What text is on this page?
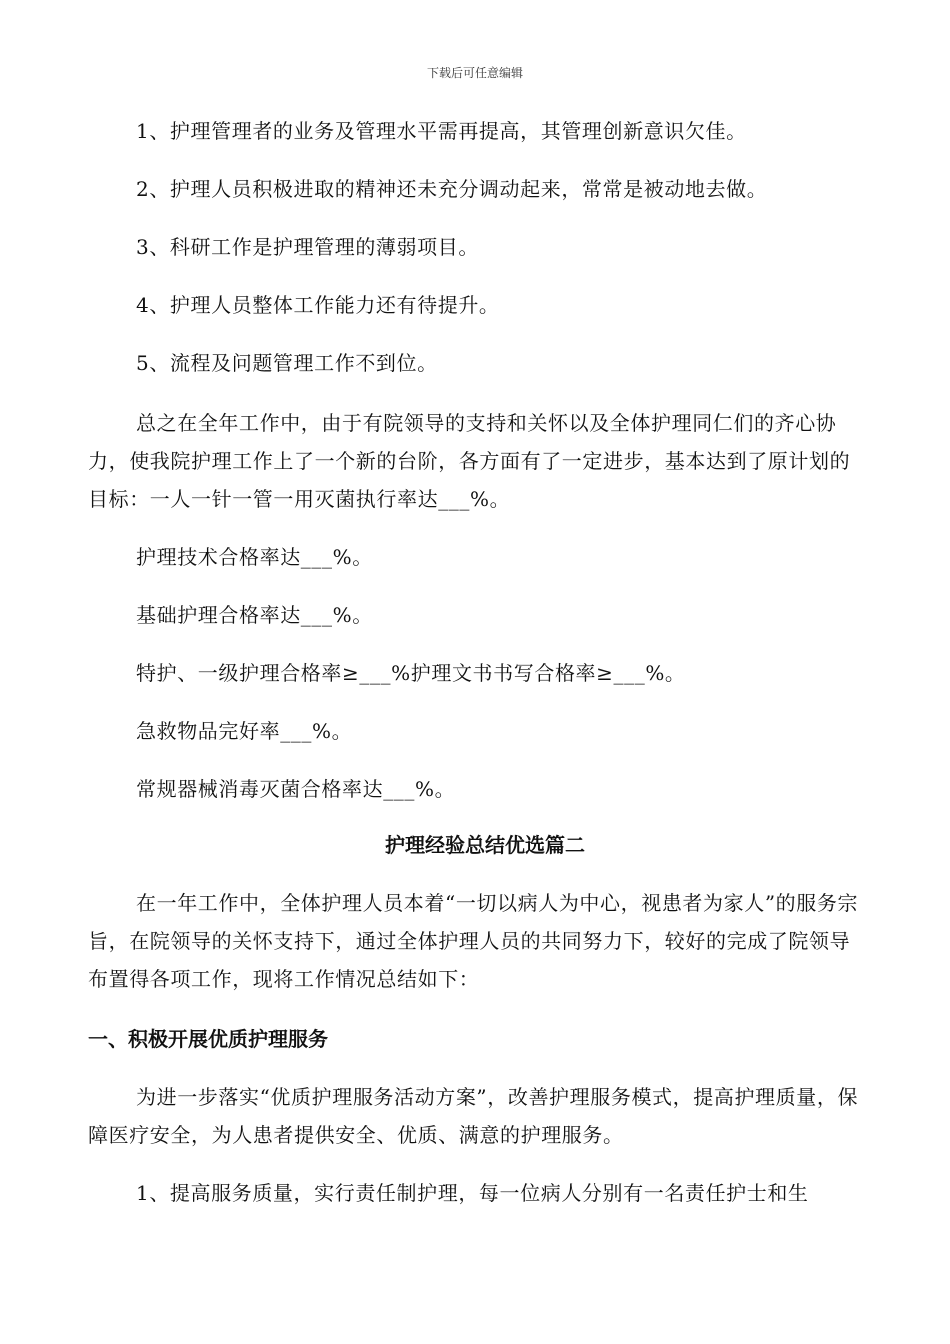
下载后可任意编辑

1、护理管理者的业务及管理水平需再提高，其管理创新意识欠佳。

2、护理人员积极进取的精神还未充分调动起来，常常是被动地去做。

3、科研工作是护理管理的薄弱项目。

4、护理人员整体工作能力还有待提升。

5、流程及问题管理工作不到位。

总之在全年工作中，由于有院领导的支持和关怀以及全体护理同仁们的齐心协力，使我院护理工作上了一个新的台阶，各方面有了一定进步，基本达到了原计划的目标：一人一针一管一用灭菌执行率达___%。

护理技术合格率达___%。

基础护理合格率达___%。

特护、一级护理合格率≥___%护理文书书写合格率≥___%。

急救物品完好率___%。

常规器械消毒灭菌合格率达___%。

护理经验总结优选篇二

在一年工作中，全体护理人员本着“一切以病人为中心，视患者为家人”的服务宗旨，在院领导的关怀支持下，通过全体护理人员的共同努力下，较好的完成了院领导布置得各项工作，现将工作情况总结如下：

一、积极开展优质护理服务

为进一步落实“优质护理服务活动方案”，改善护理服务模式，提高护理质量，保障医疗安全，为人患者提供安全、优质、满意的护理服务。

1、提高服务质量，实行责任制护理，每一位病人分别有一名责任护士和生
